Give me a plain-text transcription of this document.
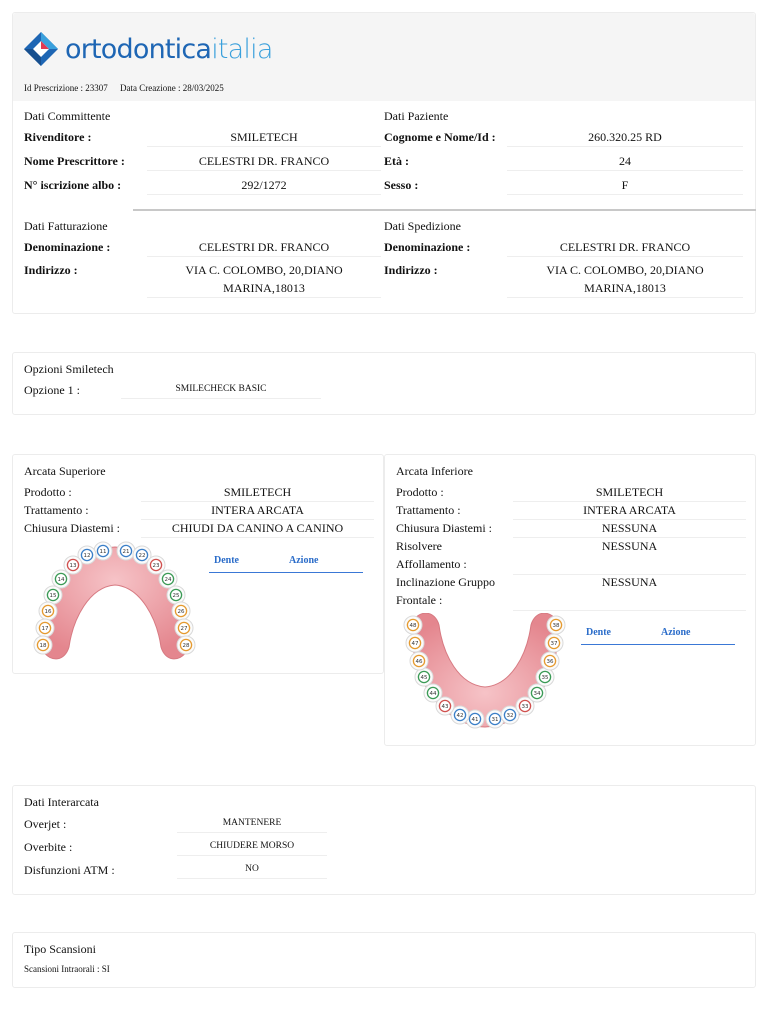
ortodonticaitalia
Id Prescrizione : 23307 Data Creazione : 28/03/2025
Dati Committente
Rivenditore :	SMILETECH
Nome Prescrittore :	CELESTRI DR. FRANCO
N° iscrizione albo :	292/1272
Dati Paziente
Cognome e Nome/Id :	260.320.25 RD
Età :	24
Sesso :	F
Dati Fatturazione
Denominazione :	CELESTRI DR. FRANCO
Indirizzo :	VIA C. COLOMBO, 20,DIANO
MARINA,18013
Dati Spedizione
Denominazione :	CELESTRI DR. FRANCO
Indirizzo :	VIA C. COLOMBO, 20,DIANO
MARINA,18013
Opzioni Smiletech
Opzione 1 :	SMILECHECK BASIC
Arcata Superiore
Prodotto :	SMILETECH
Trattamento :	INTERA ARCATA
Chiusura Diastemi :	CHIUDI DA CANINO A CANINO
11
12
13
14
15
16
17
18
21
22
23
24
25
26
27
28
Dente	Azione
Arcata Inferiore
Prodotto :	SMILETECH
Trattamento :	INTERA ARCATA
Chiusura Diastemi :	NESSUNA
Risolvere
Affollamento :
NESSUNA
Inclinazione Gruppo
Frontale :
NESSUNA
31
32
33
34
35
36
37
38
41
42
43
44
45
46
47
48
Dente	Azione
Dati Interarcata
Overjet :	MANTENERE
Overbite :	CHIUDERE MORSO
Disfunzioni ATM :	NO
Tipo Scansioni
Scansioni Intraorali : SI
